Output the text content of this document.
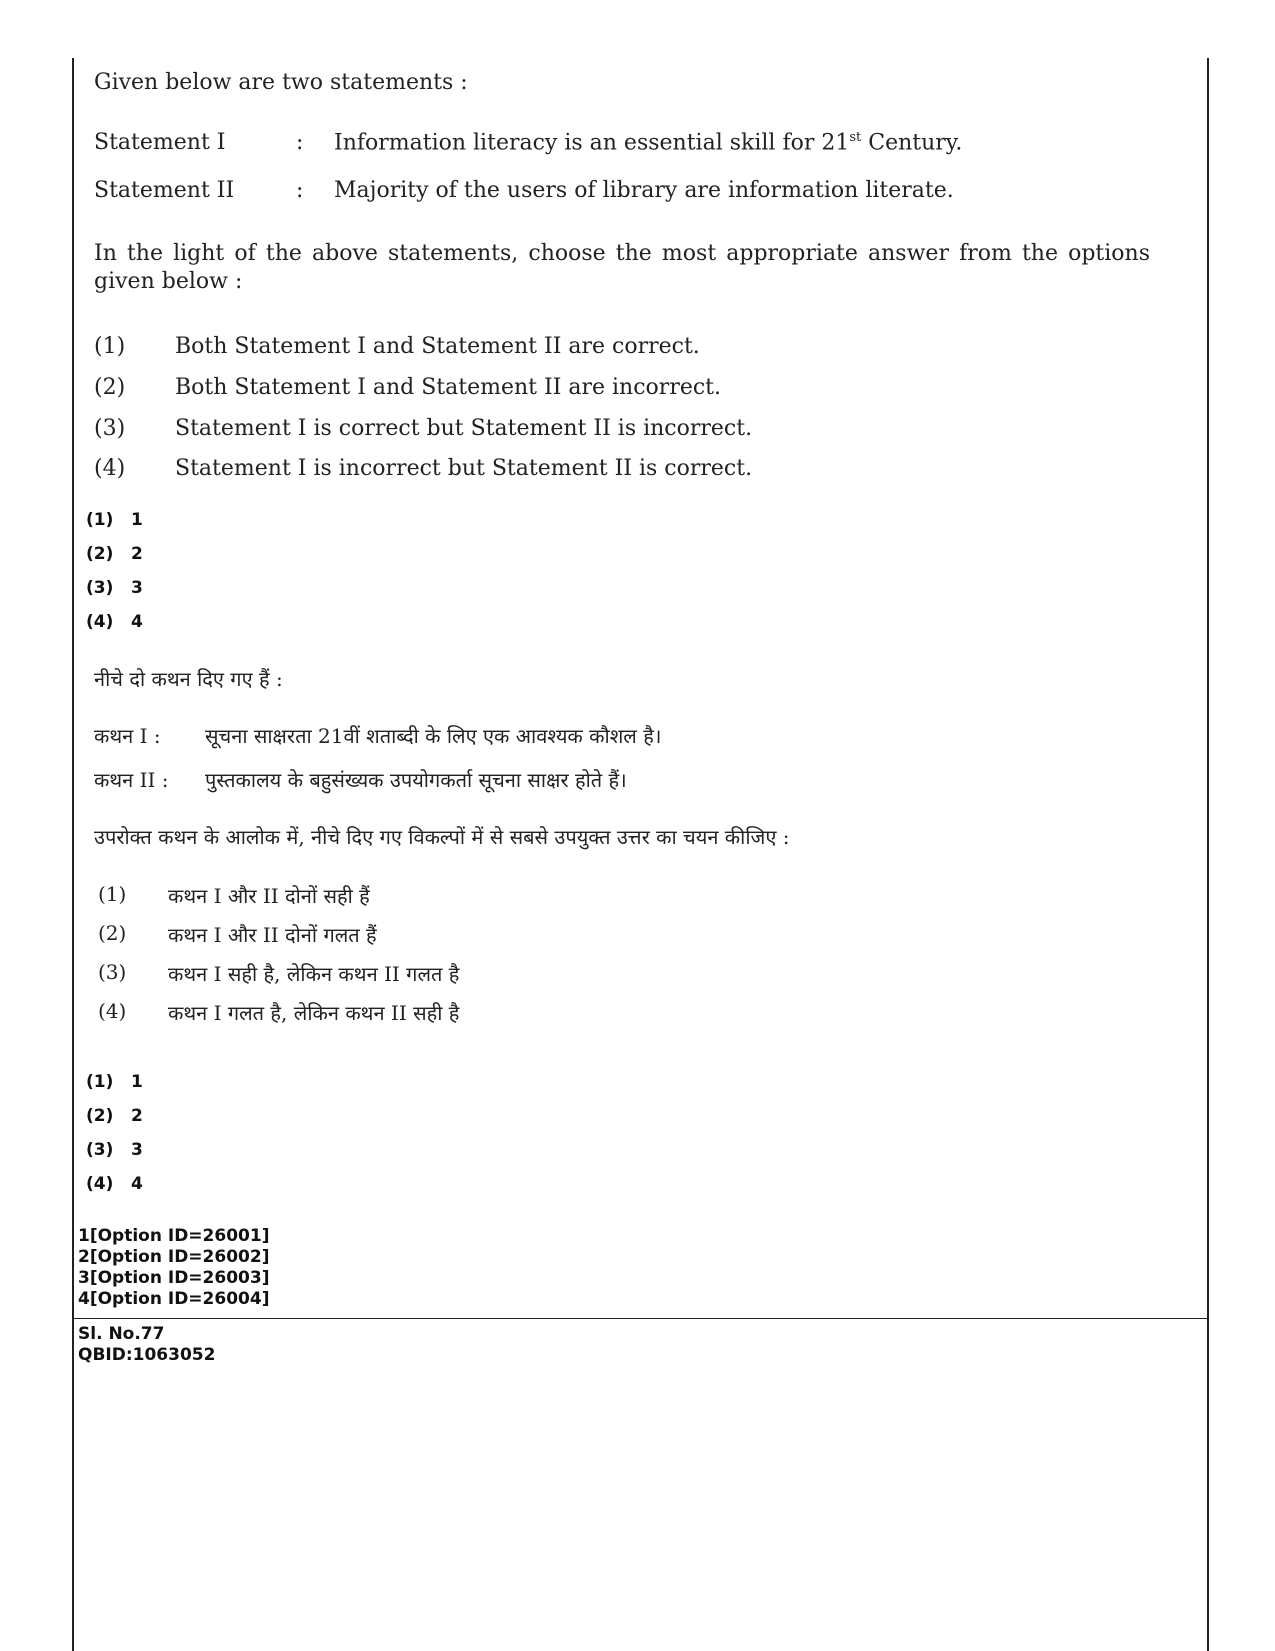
Given below are two statements :
Statement I	: Information literacy is an essential skill for 21st Century.
Statement II	: Majority of the users of library are information literate.
In the light of the above statements, choose the most appropriate answer from the options given below :
(1) Both Statement I and Statement II are correct.
(2) Both Statement I and Statement II are incorrect.
(3) Statement I is correct but Statement II is incorrect.
(4) Statement I is incorrect but Statement II is correct.
(1) 1
(2) 2
(3) 3
(4) 4
नीचे दो कथन दिए गए हैं :
कथन I : सूचना साक्षरता 21वीं शताब्दी के लिए एक आवश्यक कौशल है।
कथन II : पुस्तकालय के बहुसंख्यक उपयोगकर्ता सूचना साक्षर होते हैं।
उपरोक्त कथन के आलोक में, नीचे दिए गए विकल्पों में से सबसे उपयुक्त उत्तर का चयन कीजिए :
(1) कथन I और II दोनों सही हैं
(2) कथन I और II दोनों गलत हैं
(3) कथन I सही है, लेकिन कथन II गलत है
(4) कथन I गलत है, लेकिन कथन II सही है
(1) 1
(2) 2
(3) 3
(4) 4
1[Option ID=26001]
2[Option ID=26002]
3[Option ID=26003]
4[Option ID=26004]
Sl. No.77
QBID:1063052
